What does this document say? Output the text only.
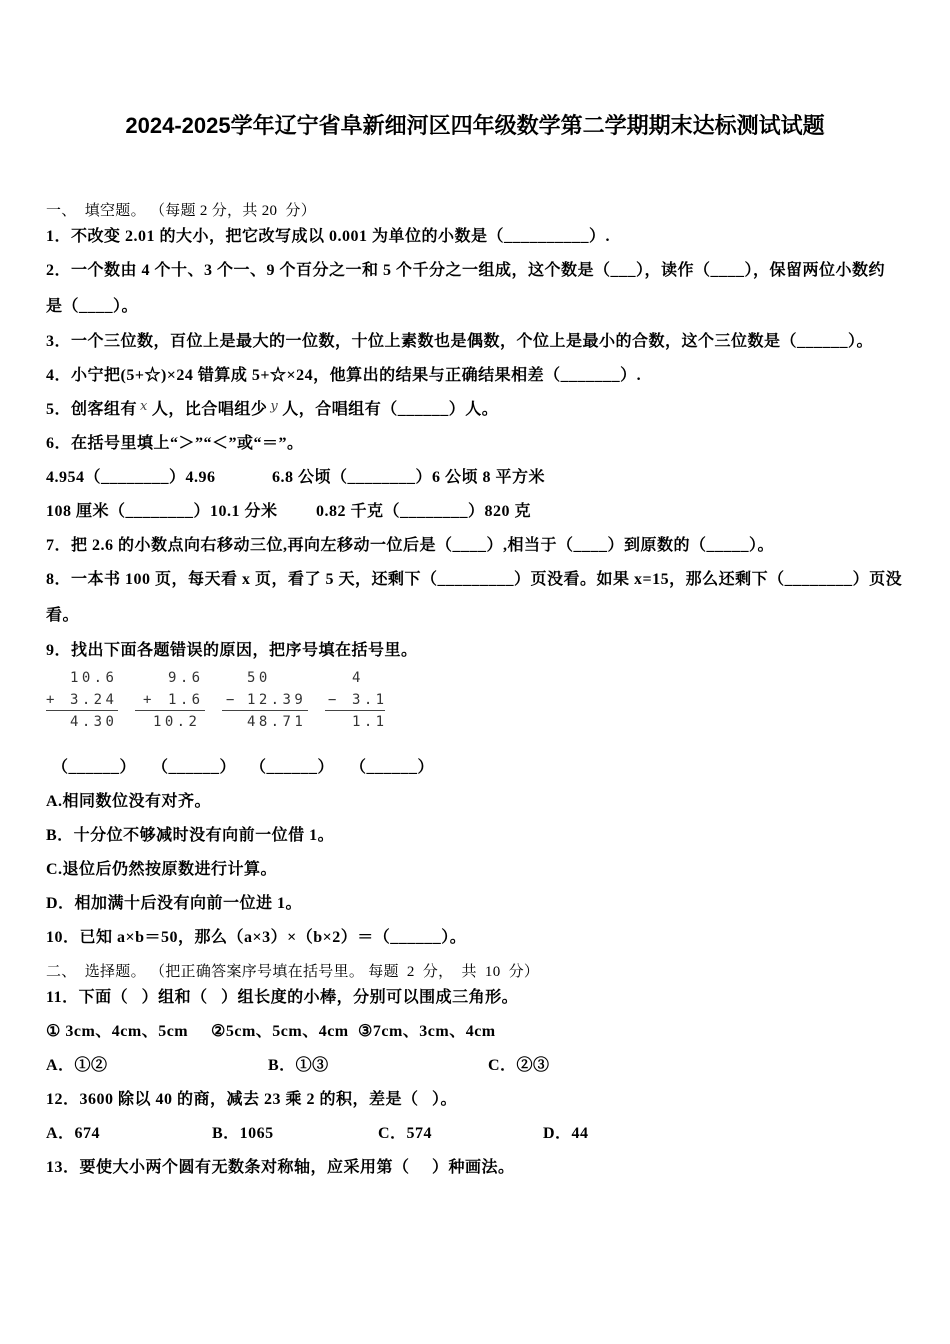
2024-2025学年辽宁省阜新细河区四年级数学第二学期期末达标测试试题
一、  填空题。 （每题 2 分，共 20  分）
1．不改变 2.01 的大小，把它改写成以 0.001 为单位的小数是（__________）.
2．一个数由 4 个十、3 个一、9 个百分之一和 5 个千分之一组成，这个数是（___），读作（____），保留两位小数约
是（____）。
3．一个三位数，百位上是最大的一位数，十位上素数也是偶数，个位上是最小的合数，这个三位数是（______）。
4．小宁把(5+☆)×24 错算成 5+☆×24，他算出的结果与正确结果相差（_______）.
5．创客组有 $^x$ 人，比合唱组少 $^y$ 人，合唱组有（______）人。
6．在括号里填上“＞”“＜”或“＝”。
4.954（________）4.96	6.8 公顷（________）6 公顷 8 平方米
108 厘米（________）10.1 分米 0.82 千克（________）820 克
7．把 2.6 的小数点向右移动三位,再向左移动一位后是（____）,相当于（____）到原数的（_____）。
8．一本书 100 页，每天看 x 页，看了 5 天，还剩下（_________）页没看。如果 x=15，那么还剩下（________）页没
看。
9．找出下面各题错误的原因，把序号填在括号里。
10.6
+ 3.24
4.30
9.6
+ 1.6
10.2
50
− 12.39
48.71
4
− 3.1
1.1
（______） （______） （______） （______）
A.相同数位没有对齐。
B．十分位不够减时没有向前一位借 1。
C.退位后仍然按原数进行计算。
D．相加满十后没有向前一位进 1。
10．已知 a×b＝50，那么（a×3）×（b×2）＝（______）。
二、  选择题。 （把正确答案序号填在括号里。 每题  2  分，  共  10  分）
11．下面（   ）组和（   ）组长度的小棒，分别可以围成三角形。
① 3cm、4cm、5cm ②5cm、5cm、4cm ③7cm、3cm、4cm
A．①②	B．①③	C．②③
12．3600 除以 40 的商，减去 23 乘 2 的积，差是（   ）。
A．674	B．1065	C．574	D．44
13．要使大小两个圆有无数条对称轴，应采用第（     ）种画法。
